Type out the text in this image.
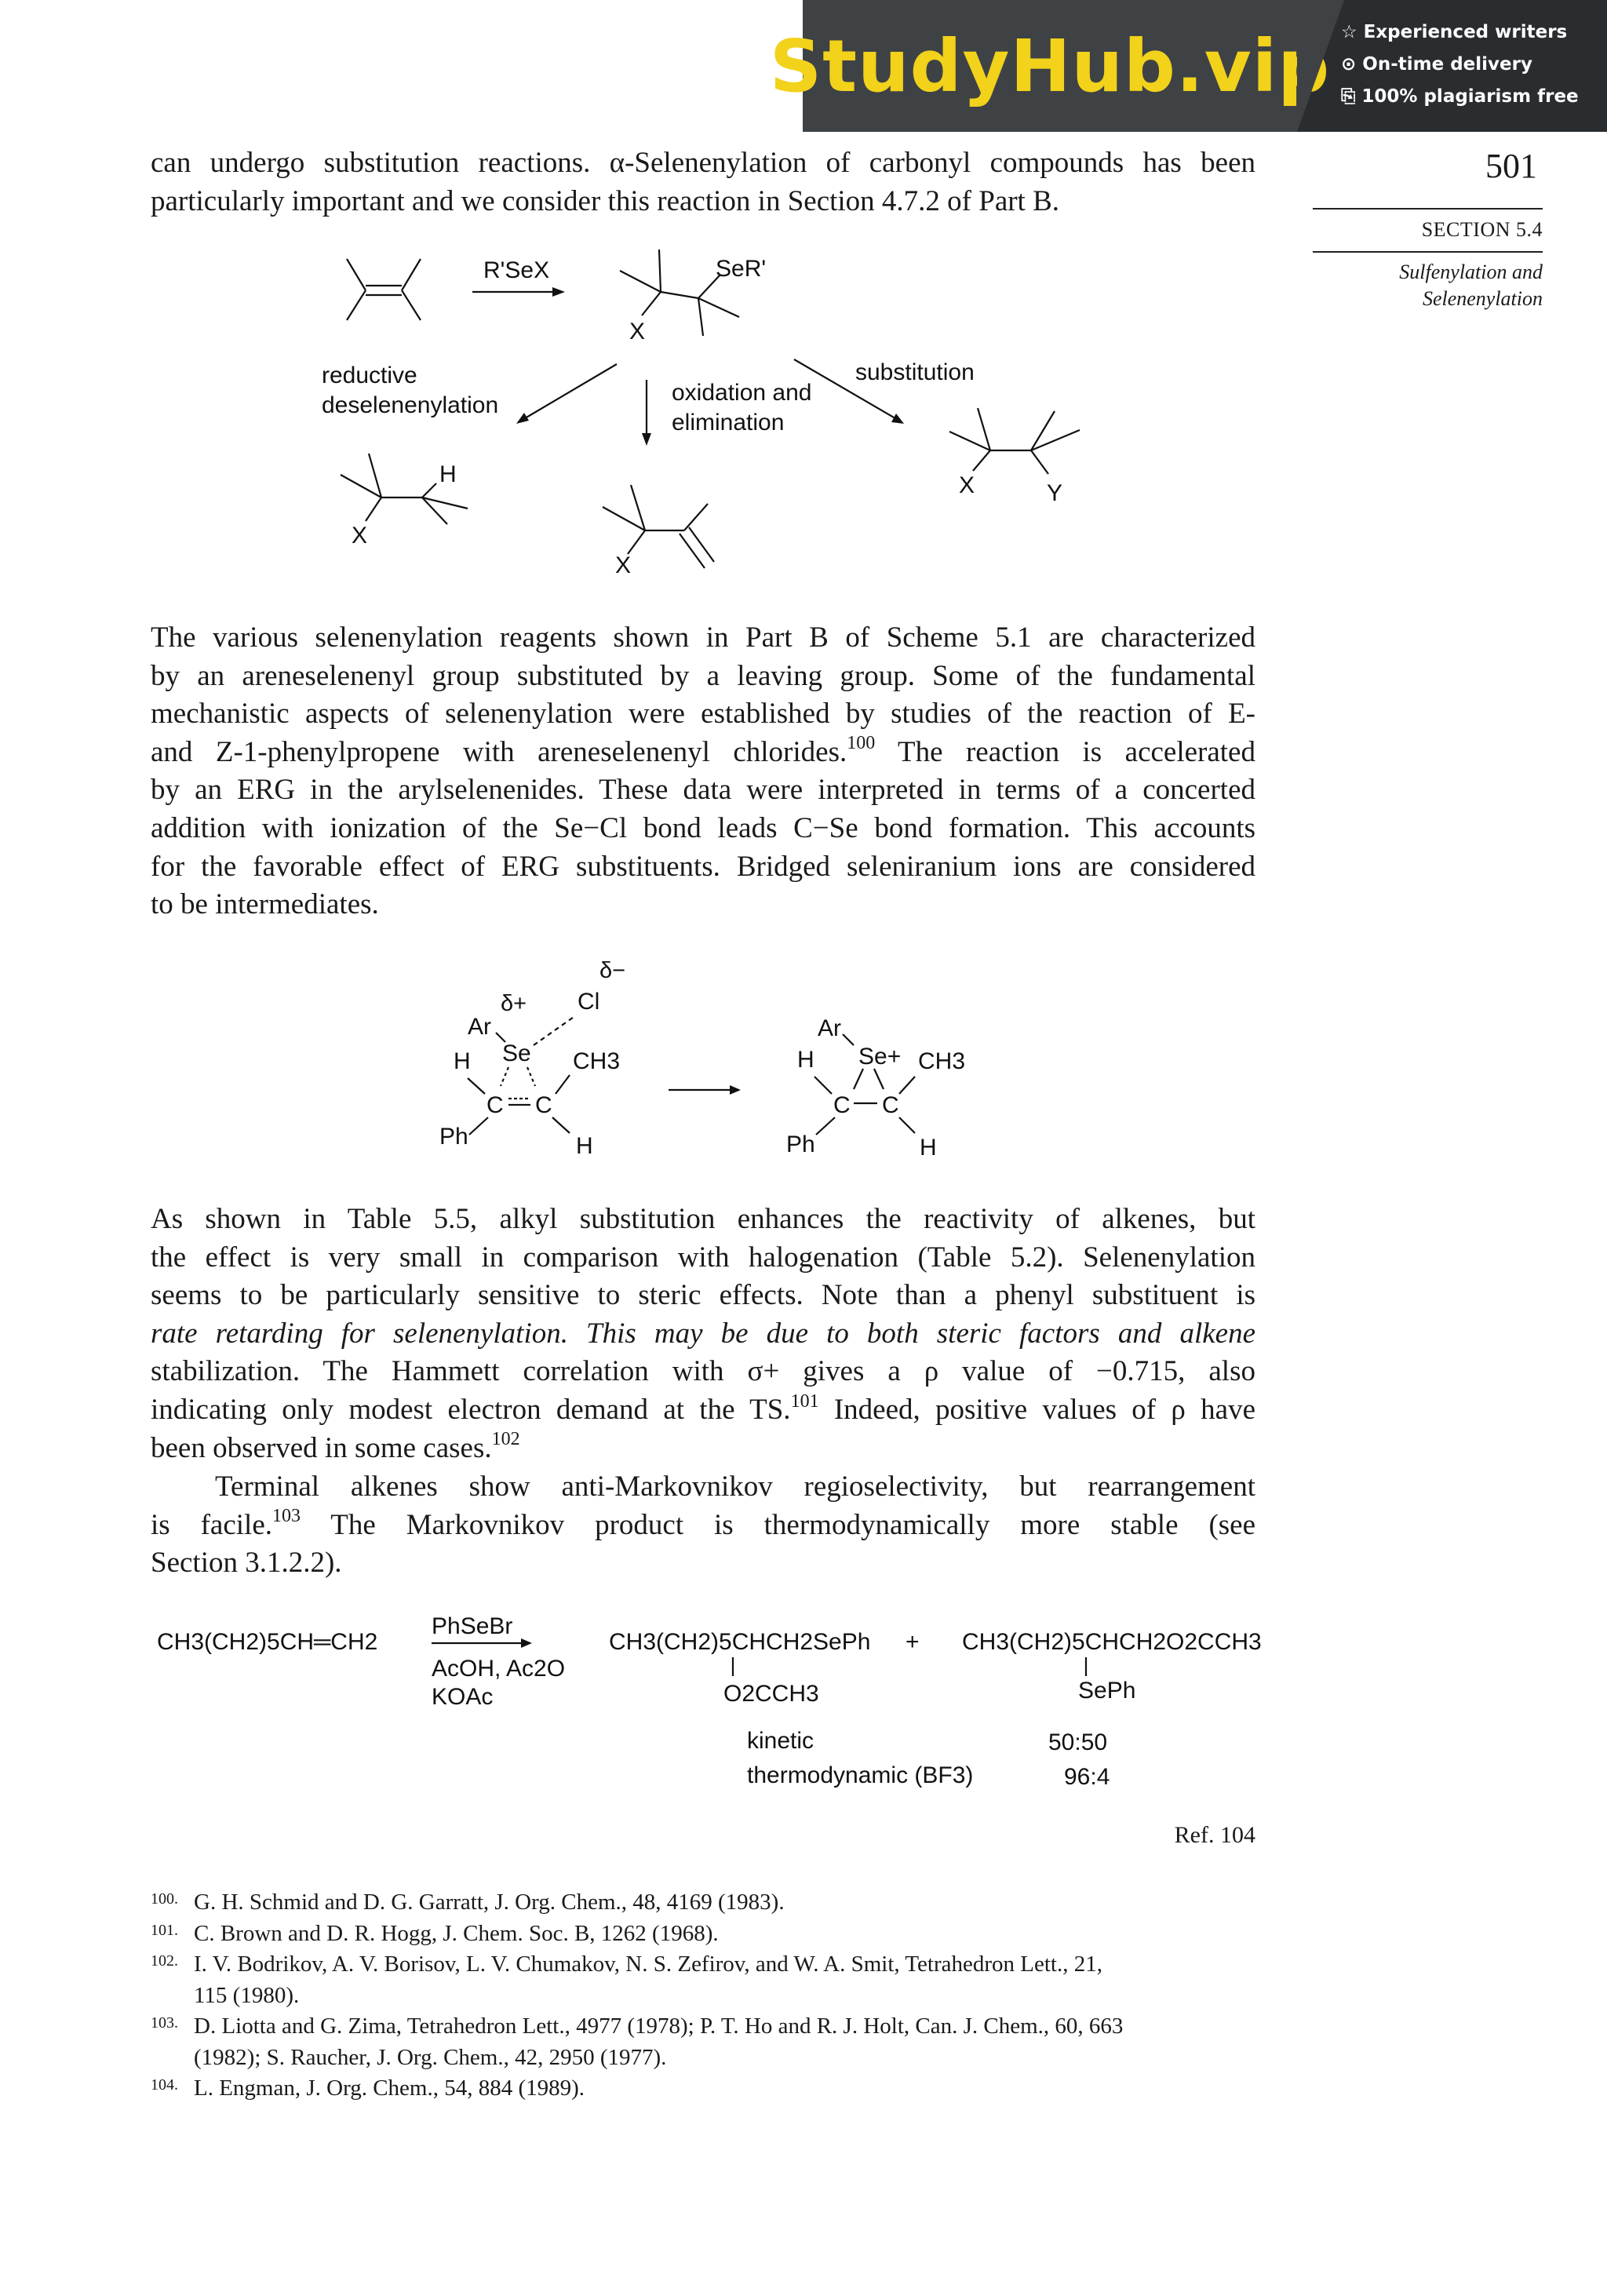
StudyHub.vip ☆ Experienced writers
⊙ On-time delivery
⎘ 100% plagiarism free
501
SECTION 5.4
Sulfenylation and
Selenenylation
can undergo substitution reactions. α-Selenenylation of carbonyl compounds has been
particularly important and we consider this reaction in Section 4.7.2 of Part B.
R'SeX	SeR'
X
reductive
deselenenylation	oxidation and
elimination
substitution
H
X
X
X	Y
The various selenenylation reagents shown in Part B of Scheme 5.1 are characterized
by an areneselenenyl group substituted by a leaving group. Some of the fundamental
mechanistic aspects of selenenylation were established by studies of the reaction of E-
and Z-1-phenylpropene with areneselenenyl chlorides.$^{100}$ The reaction is accelerated
by an ERG in the arylselenenides. These data were interpreted in terms of a concerted
addition with ionization of the Se−Cl bond leads C−Se bond formation. This accounts
for the favorable effect of ERG substituents. Bridged seleniranium ions are considered
to be intermediates.
δ−
δ+ Cl
Ar
Se
H	CH3
C C
Ph	H
Ar
Se+
H	CH3
C C
Ph	H
As shown in Table 5.5, alkyl substitution enhances the reactivity of alkenes, but
the effect is very small in comparison with halogenation (Table 5.2). Selenenylation
seems to be particularly sensitive to steric effects. Note than a phenyl substituent is
rate retarding for selenenylation. This may be due to both steric factors and alkene
stabilization. The Hammett correlation with σ+ gives a ρ value of −0.715, also
indicating only modest electron demand at the TS.$^{101}$ Indeed, positive values of ρ have
been observed in some cases.$^{102}$
Terminal alkenes show anti-Markovnikov regioselectivity, but rearrangement
is facile.$^{103}$ The Markovnikov product is thermodynamically more stable (see
Section 3.1.2.2).
CH3(CH2)5CH═CH2
PhSeBr
AcOH, Ac2O
KOAc
CH3(CH2)5CHCH2SePh
O2CCH3
+ CH3(CH2)5CHCH2O2CCH3
SePh
kinetic	50:50
thermodynamic (BF3)	96:4
Ref. 104
100. G. H. Schmid and D. G. Garratt, J. Org. Chem., 48, 4169 (1983).
101. C. Brown and D. R. Hogg, J. Chem. Soc. B, 1262 (1968).
102. I. V. Bodrikov, A. V. Borisov, L. V. Chumakov, N. S. Zefirov, and W. A. Smit, Tetrahedron Lett., 21,
115 (1980).
103. D. Liotta and G. Zima, Tetrahedron Lett., 4977 (1978); P. T. Ho and R. J. Holt, Can. J. Chem., 60, 663
(1982); S. Raucher, J. Org. Chem., 42, 2950 (1977).
104. L. Engman, J. Org. Chem., 54, 884 (1989).
